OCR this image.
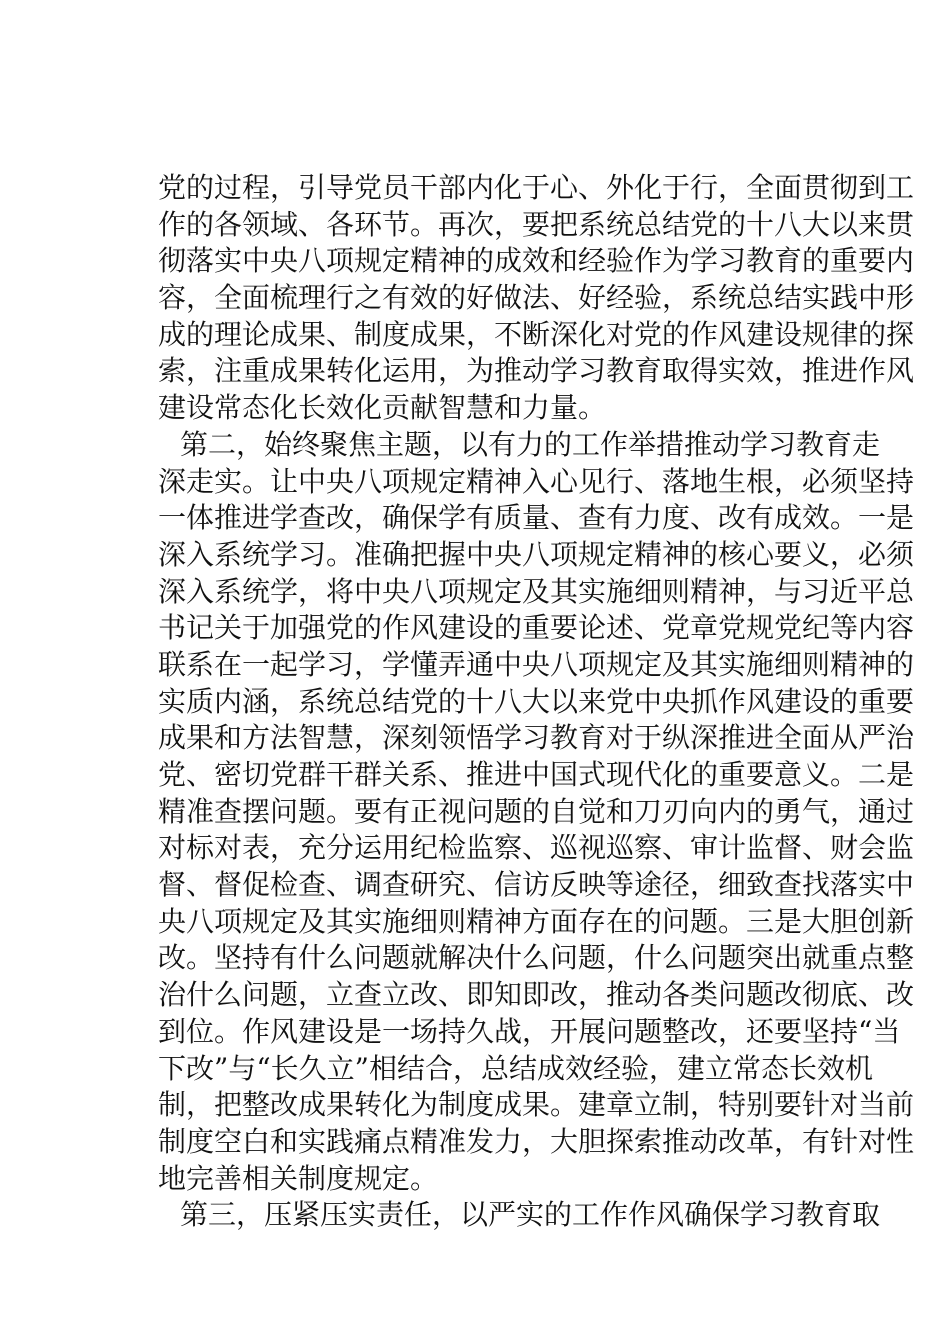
党的过程，引导党员干部内化于心、外化于行，全面贯彻到工
作的各领域、各环节。再次，要把系统总结党的十八大以来贯
彻落实中央八项规定精神的成效和经验作为学习教育的重要内
容，全面梳理行之有效的好做法、好经验，系统总结实践中形
成的理论成果、制度成果，不断深化对党的作风建设规律的探
索，注重成果转化运用，为推动学习教育取得实效，推进作风
建设常态化长效化贡献智慧和力量。
第二，始终聚焦主题，以有力的工作举措推动学习教育走
深走实。让中央八项规定精神入心见行、落地生根，必须坚持
一体推进学查改，确保学有质量、查有力度、改有成效。一是
深入系统学习。准确把握中央八项规定精神的核心要义，必须
深入系统学，将中央八项规定及其实施细则精神，与习近平总
书记关于加强党的作风建设的重要论述、党章党规党纪等内容
联系在一起学习，学懂弄通中央八项规定及其实施细则精神的
实质内涵，系统总结党的十八大以来党中央抓作风建设的重要
成果和方法智慧，深刻领悟学习教育对于纵深推进全面从严治
党、密切党群干群关系、推进中国式现代化的重要意义。二是
精准查摆问题。要有正视问题的自觉和刀刃向内的勇气，通过
对标对表，充分运用纪检监察、巡视巡察、审计监督、财会监
督、督促检查、调查研究、信访反映等途径，细致查找落实中
央八项规定及其实施细则精神方面存在的问题。三是大胆创新
改。坚持有什么问题就解决什么问题，什么问题突出就重点整
治什么问题，立查立改、即知即改，推动各类问题改彻底、改
到位。作风建设是一场持久战，开展问题整改，还要坚持“当
下改”与“长久立”相结合，总结成效经验，建立常态长效机
制，把整改成果转化为制度成果。建章立制，特别要针对当前
制度空白和实践痛点精准发力，大胆探索推动改革，有针对性
地完善相关制度规定。
第三，压紧压实责任，以严实的工作作风确保学习教育取
